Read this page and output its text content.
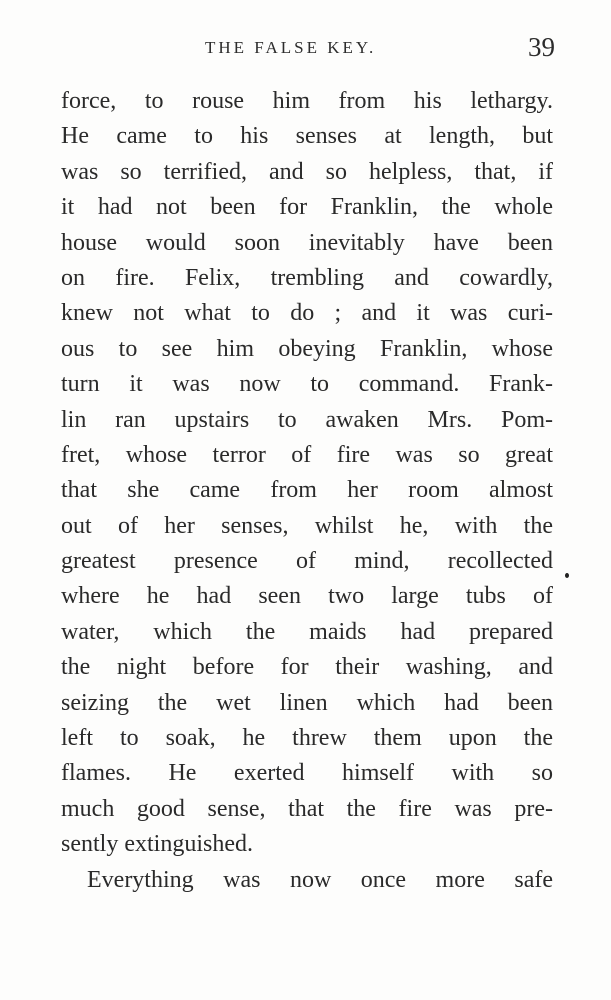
THE FALSE KEY.	39
force, to rouse him from his lethargy.
He came to his senses at length, but
was so terrified, and so helpless, that, if
it had not been for Franklin, the whole
house would soon inevitably have been
on fire. Felix, trembling and cowardly,
knew not what to do ; and it was curi-
ous to see him obeying Franklin, whose
turn it was now to command. Frank-
lin ran upstairs to awaken Mrs. Pom-
fret, whose terror of fire was so great
that she came from her room almost
out of her senses, whilst he, with the
greatest presence of mind, recollected
where he had seen two large tubs of
water, which the maids had prepared
the night before for their washing, and
seizing the wet linen which had been
left to soak, he threw them upon the
flames. He exerted himself with so
much good sense, that the fire was pre-
sently extinguished.
Everything was now once more safe
